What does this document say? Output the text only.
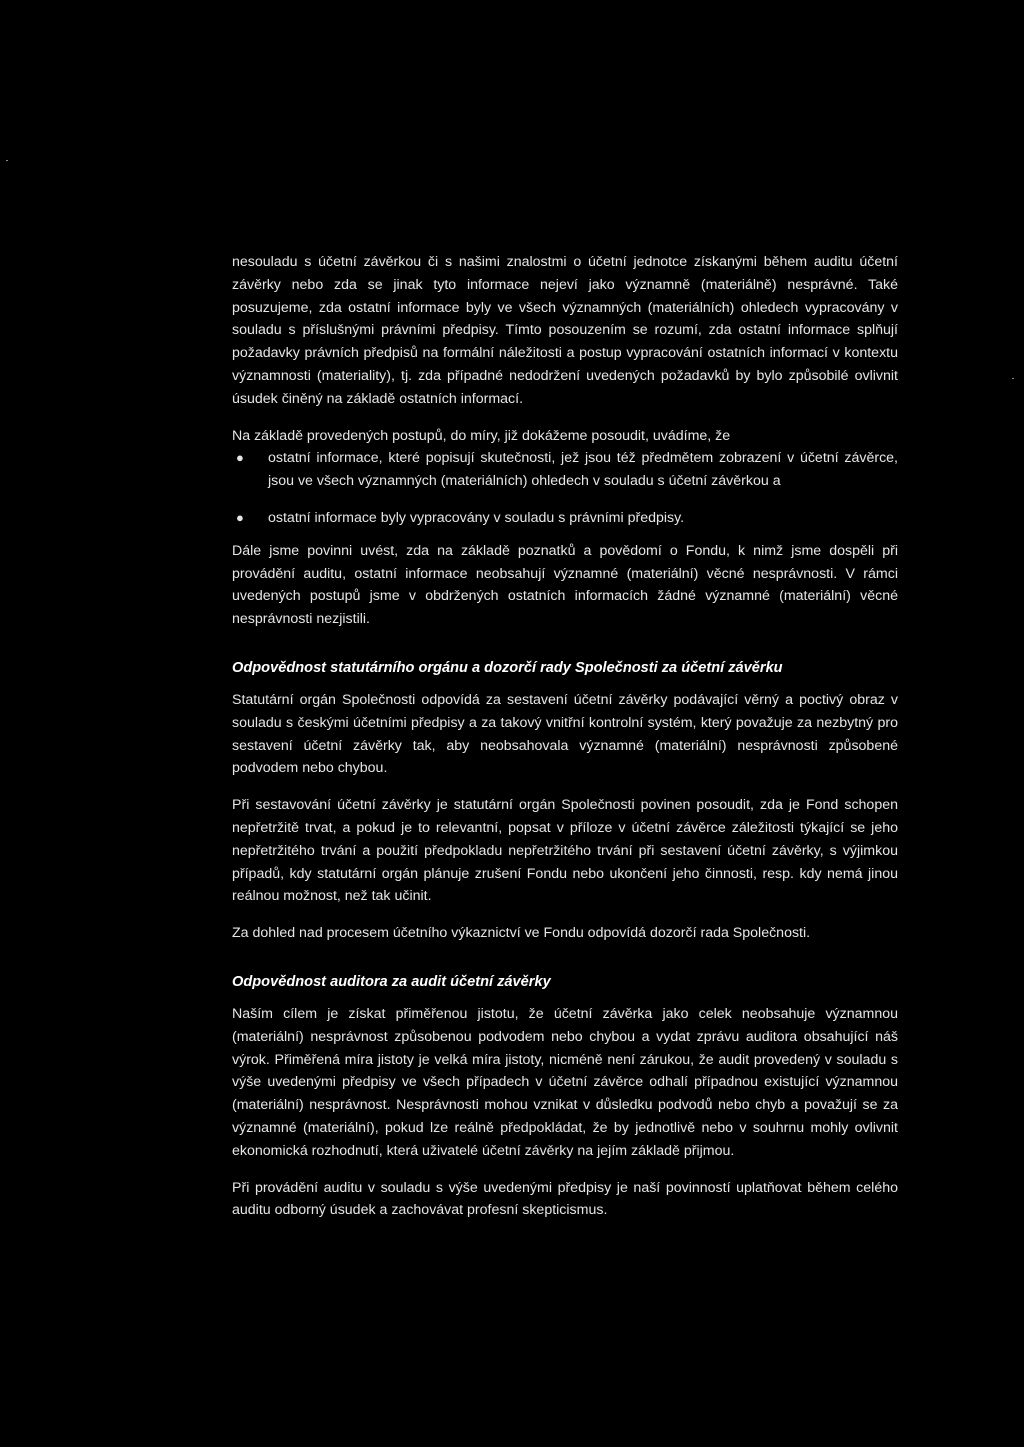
nesouladu s účetní závěrkou či s našimi znalostmi o účetní jednotce získanými během auditu účetní závěrky nebo zda se jinak tyto informace nejeví jako významně (materiálně) nesprávné. Také posuzujeme, zda ostatní informace byly ve všech významných (materiálních) ohledech vypracovány v souladu s příslušnými právními předpisy. Tímto posouzením se rozumí, zda ostatní informace splňují požadavky právních předpisů na formální náležitosti a postup vypracování ostatních informací v kontextu významnosti (materiality), tj. zda případné nedodržení uvedených požadavků by bylo způsobilé ovlivnit úsudek činěný na základě ostatních informací.

Na základě provedených postupů, do míry, již dokážeme posoudit, uvádíme, že

● ostatní informace, které popisují skutečnosti, jež jsou též předmětem zobrazení v účetní závěrce, jsou ve všech významných (materiálních) ohledech v souladu s účetní závěrkou a
● ostatní informace byly vypracovány v souladu s právními předpisy.

Dále jsme povinni uvést, zda na základě poznatků a povědomí o Fondu, k nimž jsme dospěli při provádění auditu, ostatní informace neobsahují významné (materiální) věcné nesprávnosti. V rámci uvedených postupů jsme v obdržených ostatních informacích žádné významné (materiální) věcné nesprávnosti nezjistili.

Odpovědnost statutárního orgánu a dozorčí rady Společnosti za účetní závěrku

Statutární orgán Společnosti odpovídá za sestavení účetní závěrky podávající věrný a poctivý obraz v souladu s českými účetními předpisy a za takový vnitřní kontrolní systém, který považuje za nezbytný pro sestavení účetní závěrky tak, aby neobsahovala významné (materiální) nesprávnosti způsobené podvodem nebo chybou.

Při sestavování účetní závěrky je statutární orgán Společnosti povinen posoudit, zda je Fond schopen nepřetržitě trvat, a pokud je to relevantní, popsat v příloze v účetní závěrce záležitosti týkající se jeho nepřetržitého trvání a použití předpokladu nepřetržitého trvání při sestavení účetní závěrky, s výjimkou případů, kdy statutární orgán plánuje zrušení Fondu nebo ukončení jeho činnosti, resp. kdy nemá jinou reálnou možnost, než tak učinit.

Za dohled nad procesem účetního výkaznictví ve Fondu odpovídá dozorčí rada Společnosti.

Odpovědnost auditora za audit účetní závěrky

Naším cílem je získat přiměřenou jistotu, že účetní závěrka jako celek neobsahuje významnou (materiální) nesprávnost způsobenou podvodem nebo chybou a vydat zprávu auditora obsahující náš výrok. Přiměřená míra jistoty je velká míra jistoty, nicméně není zárukou, že audit provedený v souladu s výše uvedenými předpisy ve všech případech v účetní závěrce odhalí případnou existující významnou (materiální) nesprávnost. Nesprávnosti mohou vznikat v důsledku podvodů nebo chyb a považují se za významné (materiální), pokud lze reálně předpokládat, že by jednotlivě nebo v souhrnu mohly ovlivnit ekonomická rozhodnutí, která uživatelé účetní závěrky na jejím základě přijmou.

Při provádění auditu v souladu s výše uvedenými předpisy je naší povinností uplatňovat během celého auditu odborný úsudek a zachovávat profesní skepticismus.
